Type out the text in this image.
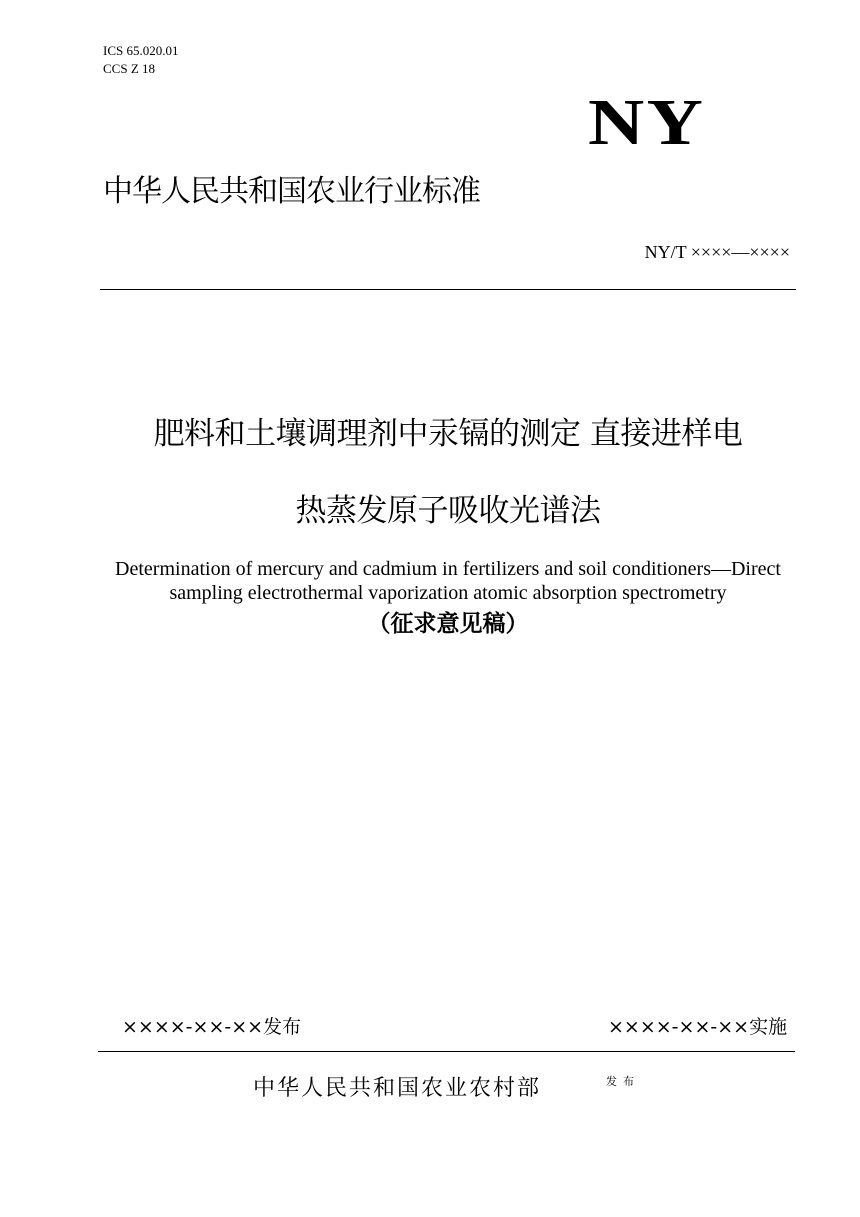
ICS 65.020.01
CCS Z 18
NY
中华人民共和国农业行业标准
NY/T ××××—××××
肥料和土壤调理剂中汞镉的测定 直接进样电
热蒸发原子吸收光谱法
Determination of mercury and cadmium in fertilizers and soil conditioners—Direct
sampling electrothermal vaporization atomic absorption spectrometry
（征求意见稿）
××××-××-××发布	××××-××-××实施
中华人民共和国农业农村部	发布
